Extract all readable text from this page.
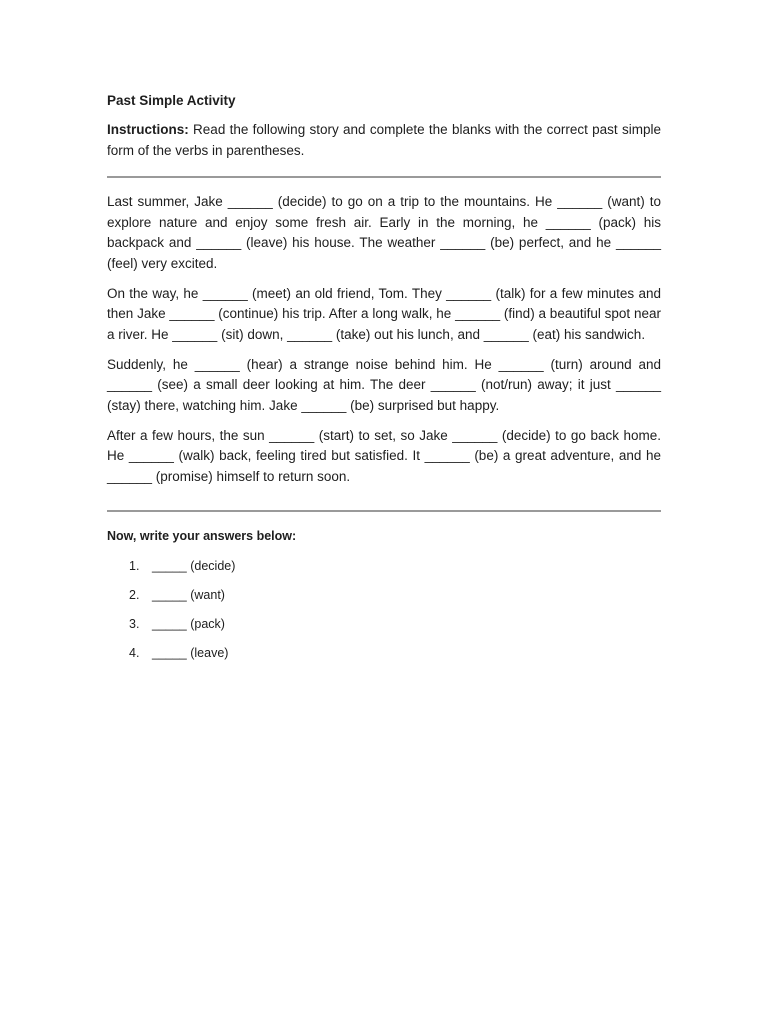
Past Simple Activity

Instructions: Read the following story and complete the blanks with the correct past simple form of the verbs in parentheses.

Last summer, Jake ______ (decide) to go on a trip to the mountains. He ______ (want) to explore nature and enjoy some fresh air. Early in the morning, he ______ (pack) his backpack and ______ (leave) his house. The weather ______ (be) perfect, and he ______ (feel) very excited.

On the way, he ______ (meet) an old friend, Tom. They ______ (talk) for a few minutes and then Jake ______ (continue) his trip. After a long walk, he ______ (find) a beautiful spot near a river. He ______ (sit) down, ______ (take) out his lunch, and ______ (eat) his sandwich.

Suddenly, he ______ (hear) a strange noise behind him. He ______ (turn) around and ______ (see) a small deer looking at him. The deer ______ (not/run) away; it just ______ (stay) there, watching him. Jake ______ (be) surprised but happy.

After a few hours, the sun ______ (start) to set, so Jake ______ (decide) to go back home. He ______ (walk) back, feeling tired but satisfied. It ______ (be) a great adventure, and he ______ (promise) himself to return soon.

Now, write your answers below:

1. _____ (decide)
2. _____ (want)
3. _____ (pack)
4. _____ (leave)
